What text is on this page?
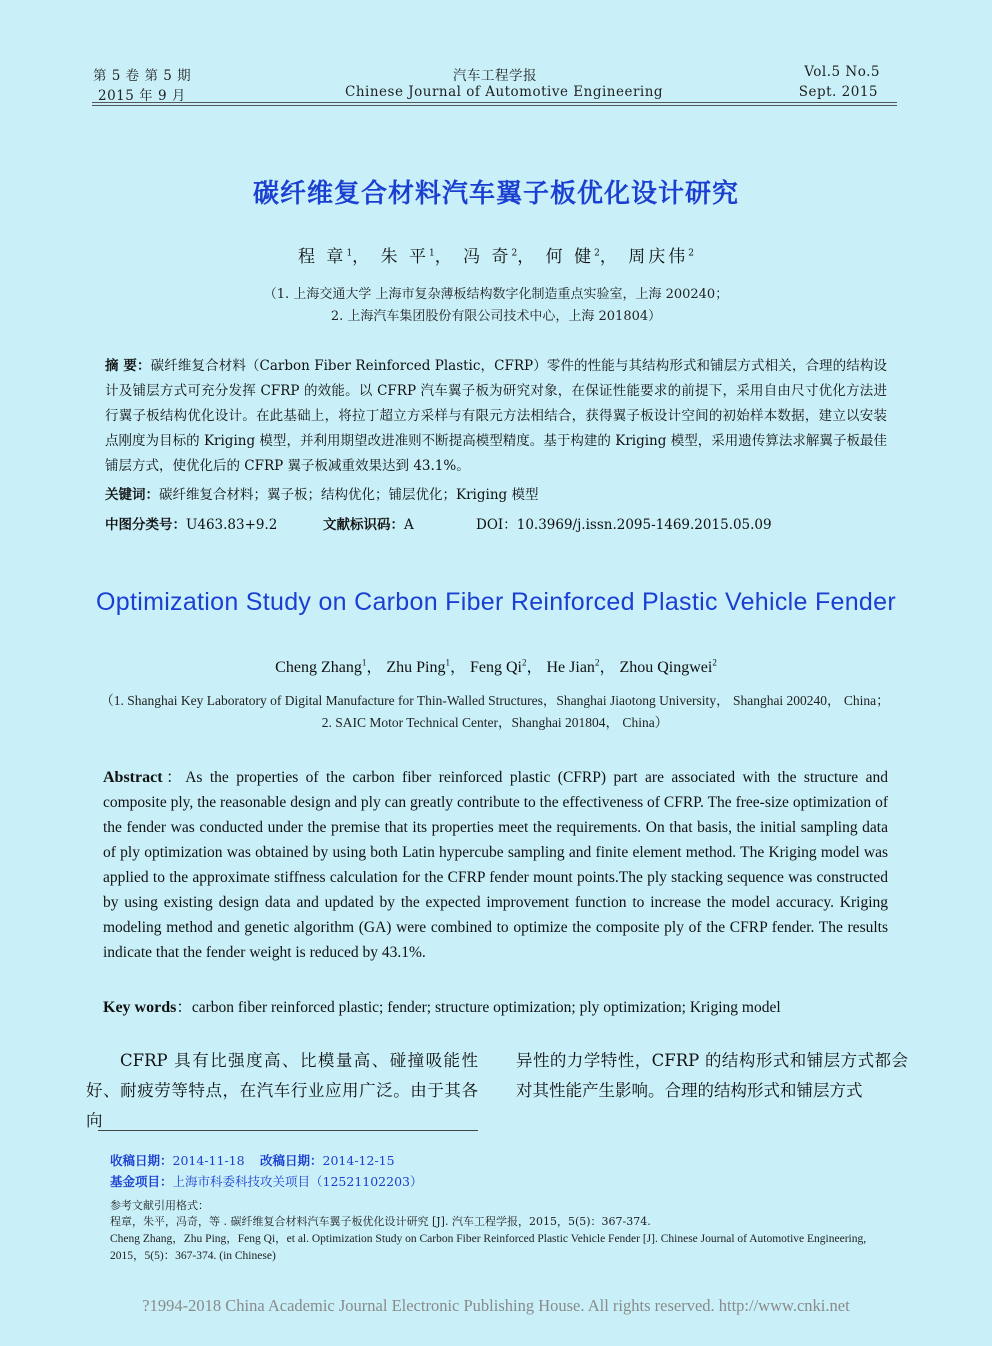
第 5 卷 第 5 期
2015 年 9 月
汽车工程学报
Chinese Journal of Automotive Engineering
Vol.5 No.5
Sept. 2015
碳纤维复合材料汽车翼子板优化设计研究
程 章$^1$， 朱 平$^1$， 冯 奇$^2$， 何 健$^2$， 周庆伟$^2$
（1. 上海交通大学 上海市复杂薄板结构数字化制造重点实验室，上海 200240；
2. 上海汽车集团股份有限公司技术中心，上海 201804）
摘 要：碳纤维复合材料（Carbon Fiber Reinforced Plastic，CFRP）零件的性能与其结构形式和铺层方式相关，合理的结构设计及铺层方式可充分发挥 CFRP 的效能。以 CFRP 汽车翼子板为研究对象，在保证性能要求的前提下，采用自由尺寸优化方法进行翼子板结构优化设计。在此基础上，将拉丁超立方采样与有限元方法相结合，获得翼子板设计空间的初始样本数据，建立以安装点刚度为目标的 Kriging 模型，并利用期望改进准则不断提高模型精度。基于构建的 Kriging 模型，采用遗传算法求解翼子板最佳铺层方式，使优化后的 CFRP 翼子板减重效果达到 43.1%。
关键词：碳纤维复合材料；翼子板；结构优化；铺层优化；Kriging 模型
中图分类号：U463.83+9.2	文献标识码：A	DOI：10.3969/j.issn.2095-1469.2015.05.09
Optimization Study on Carbon Fiber Reinforced Plastic Vehicle Fender
Cheng Zhang$^1$， Zhu Ping$^1$， Feng Qi$^2$， He Jian$^2$， Zhou Qingwei$^2$
（1. Shanghai Key Laboratory of Digital Manufacture for Thin-Walled Structures，Shanghai Jiaotong University， Shanghai 200240， China；2. SAIC Motor Technical Center，Shanghai 201804， China）
Abstract：As the properties of the carbon fiber reinforced plastic (CFRP) part are associated with the structure and composite ply, the reasonable design and ply can greatly contribute to the effectiveness of CFRP. The free-size optimization of the fender was conducted under the premise that its properties meet the requirements. On that basis, the initial sampling data of ply optimization was obtained by using both Latin hypercube sampling and finite element method. The Kriging model was applied to the approximate stiffness calculation for the CFRP fender mount points.The ply stacking sequence was constructed by using existing design data and updated by the expected improvement function to increase the model accuracy. Kriging modeling method and genetic algorithm (GA) were combined to optimize the composite ply of the CFRP fender. The results indicate that the fender weight is reduced by 43.1%.
Key words：carbon fiber reinforced plastic; fender; structure optimization; ply optimization; Kriging model
CFRP 具有比强度高、比模量高、碰撞吸能性好、耐疲劳等特点，在汽车行业应用广泛。由于其各向
异性的力学特性，CFRP 的结构形式和铺层方式都会对其性能产生影响。合理的结构形式和铺层方式
收稿日期：2014-11-18 改稿日期：2014-12-15
基金项目：上海市科委科技攻关项目（12521102203）
参考文献引用格式：
程章，朱平，冯奇，等 . 碳纤维复合材料汽车翼子板优化设计研究 [J]. 汽车工程学报，2015，5(5)：367-374.
Cheng Zhang，Zhu Ping，Feng Qi，et al. Optimization Study on Carbon Fiber Reinforced Plastic Vehicle Fender [J]. Chinese Journal of Automotive Engineering,
2015，5(5)：367-374. (in Chinese)
?1994-2018 China Academic Journal Electronic Publishing House. All rights reserved. http://www.cnki.net
